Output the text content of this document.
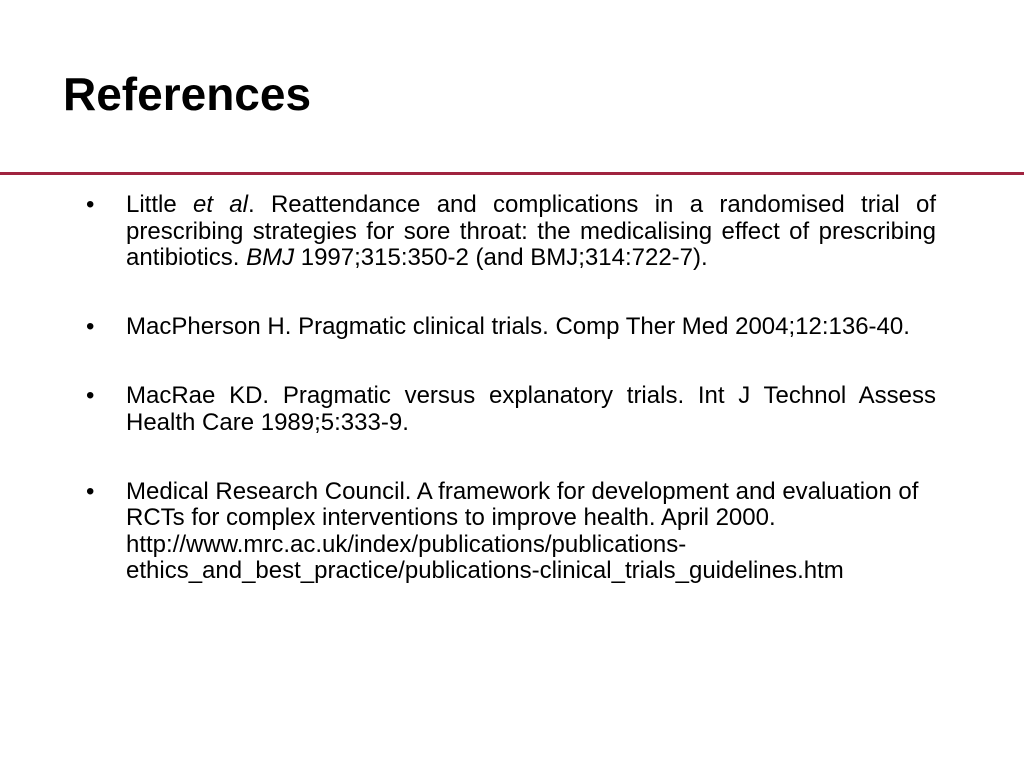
References
• Little et al. Reattendance and complications in a randomised trial of prescribing strategies for sore throat: the medicalising effect of prescribing antibiotics. BMJ 1997;315:350-2 (and BMJ;314:722-7).
• MacPherson H. Pragmatic clinical trials. Comp Ther Med 2004;12:136-40.
• MacRae KD. Pragmatic versus explanatory trials. Int J Technol Assess Health Care 1989;5:333-9.
• Medical Research Council. A framework for development and evaluation of RCTs for complex interventions to improve health. April 2000.
http://www.mrc.ac.uk/index/publications/publications-ethics_and_best_practice/publications-clinical_trials_guidelines.htm
